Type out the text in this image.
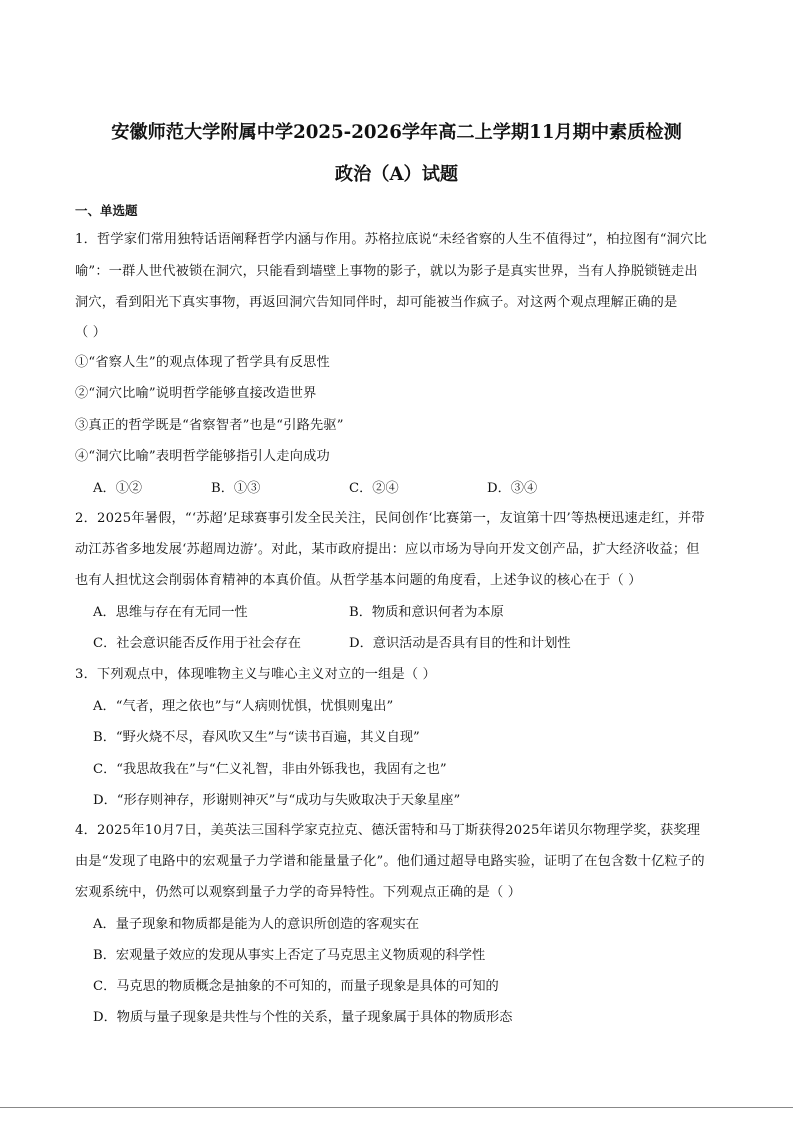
安徽师范大学附属中学2025-2026学年高二上学期11月期中素质检测
政治（A）试题
一、单选题
1．哲学家们常用独特话语阐释哲学内涵与作用。苏格拉底说“未经省察的人生不值得过”，柏拉图有“洞穴比
喻”：一群人世代被锁在洞穴，只能看到墙壁上事物的影子，就以为影子是真实世界，当有人挣脱锁链走出
洞穴，看到阳光下真实事物，再返回洞穴告知同伴时，却可能被当作疯子。对这两个观点理解正确的是
（ ）
①“省察人生”的观点体现了哲学具有反思性
②“洞穴比喻”说明哲学能够直接改造世界
③真正的哲学既是“省察智者”也是“引路先驱”
④“洞穴比喻”表明哲学能够指引人走向成功
A．①②	B．①③	C．②④	D．③④
2．2025年暑假，“‘苏超’足球赛事引发全民关注，民间创作‘比赛第一，友谊第十四’等热梗迅速走红，并带
动江苏省多地发展‘苏超周边游’。对此，某市政府提出：应以市场为导向开发文创产品，扩大经济收益；但
也有人担忧这会削弱体育精神的本真价值。从哲学基本问题的角度看，上述争议的核心在于（ ）
A．思维与存在有无同一性	B．物质和意识何者为本原
C．社会意识能否反作用于社会存在	D．意识活动是否具有目的性和计划性
3．下列观点中，体现唯物主义与唯心主义对立的一组是（ ）
A．“气者，理之依也”与“人病则忧惧，忧惧则鬼出”
B．“野火烧不尽，春风吹又生”与“读书百遍，其义自现”
C．“我思故我在”与“仁义礼智，非由外铄我也，我固有之也”
D．“形存则神存，形谢则神灭”与“成功与失败取决于天象星座”
4．2025年10月7日，美英法三国科学家克拉克、德沃雷特和马丁斯获得2025年诺贝尔物理学奖，获奖理
由是“发现了电路中的宏观量子力学谱和能量量子化”。他们通过超导电路实验，证明了在包含数十亿粒子的
宏观系统中，仍然可以观察到量子力学的奇异特性。下列观点正确的是（ ）
A．量子现象和物质都是能为人的意识所创造的客观实在
B．宏观量子效应的发现从事实上否定了马克思主义物质观的科学性
C．马克思的物质概念是抽象的不可知的，而量子现象是具体的可知的
D．物质与量子现象是共性与个性的关系，量子现象属于具体的物质形态
